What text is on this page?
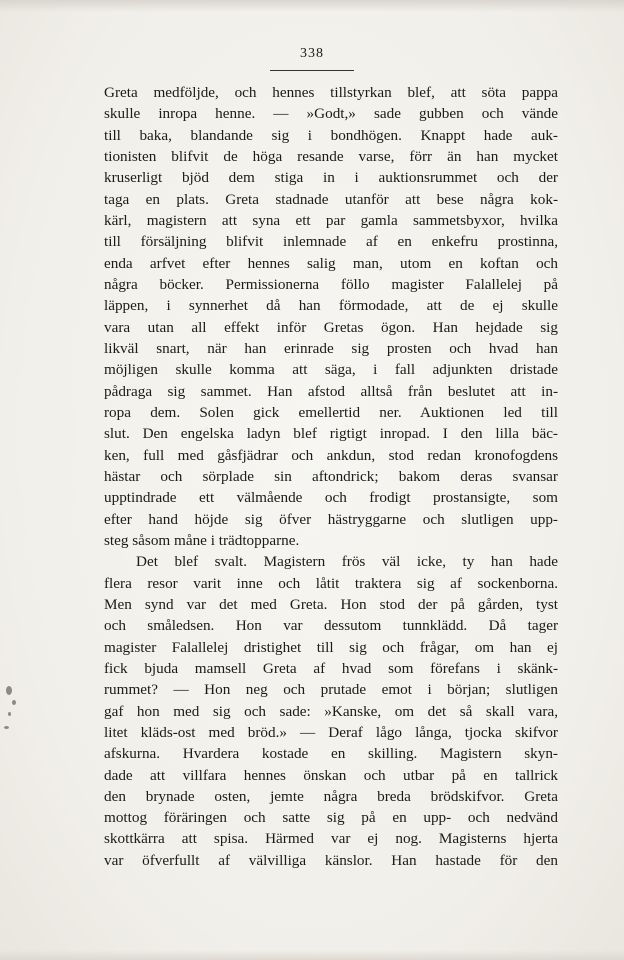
338
Greta medföljde, och hennes tillstyrkan blef, att söta pappa
skulle inropa henne. — »Godt,» sade gubben och vände
till baka, blandande sig i bondhögen. Knappt hade auk-
tionisten blifvit de höga resande varse, förr än han mycket
kruserligt bjöd dem stiga in i auktionsrummet och der
taga en plats. Greta stadnade utanför att bese några kok-
kärl, magistern att syna ett par gamla sammetsbyxor, hvilka
till försäljning blifvit inlemnade af en enkefru prostinna,
enda arfvet efter hennes salig man, utom en koftan och
några böcker. Permissionerna föllo magister Falallelej på
läppen, i synnerhet då han förmodade, att de ej skulle
vara utan all effekt inför Gretas ögon. Han hejdade sig
likväl snart, när han erinrade sig prosten och hvad han
möjligen skulle komma att säga, i fall adjunkten dristade
pådraga sig sammet. Han afstod alltså från beslutet att in-
ropa dem. Solen gick emellertid ner. Auktionen led till
slut. Den engelska ladyn blef rigtigt inropad. I den lilla bäc-
ken, full med gåsfjädrar och ankdun, stod redan kronofogdens
hästar och sörplade sin aftondrick; bakom deras svansar
upptindrade ett välmående och frodigt prostansigte, som
efter hand höjde sig öfver hästryggarne och slutligen upp-
steg såsom måne i trädtopparne.
Det blef svalt. Magistern frös väl icke, ty han hade
flera resor varit inne och låtit traktera sig af sockenborna.
Men synd var det med Greta. Hon stod der på gården, tyst
och småledsen. Hon var dessutom tunnklädd. Då tager
magister Falallelej dristighet till sig och frågar, om han ej
fick bjuda mamsell Greta af hvad som förefans i skänk-
rummet? — Hon neg och prutade emot i början; slutligen
gaf hon med sig och sade: »Kanske, om det så skall vara,
litet kläds-ost med bröd.» — Deraf lågo långa, tjocka skifvor
afskurna. Hvardera kostade en skilling. Magistern skyn-
dade att villfara hennes önskan och utbar på en tallrick
den brynade osten, jemte några breda brödskifvor. Greta
mottog föräringen och satte sig på en upp- och nedvänd
skottkärra att spisa. Härmed var ej nog. Magisterns hjerta
var öfverfullt af välvilliga känslor. Han hastade för den
